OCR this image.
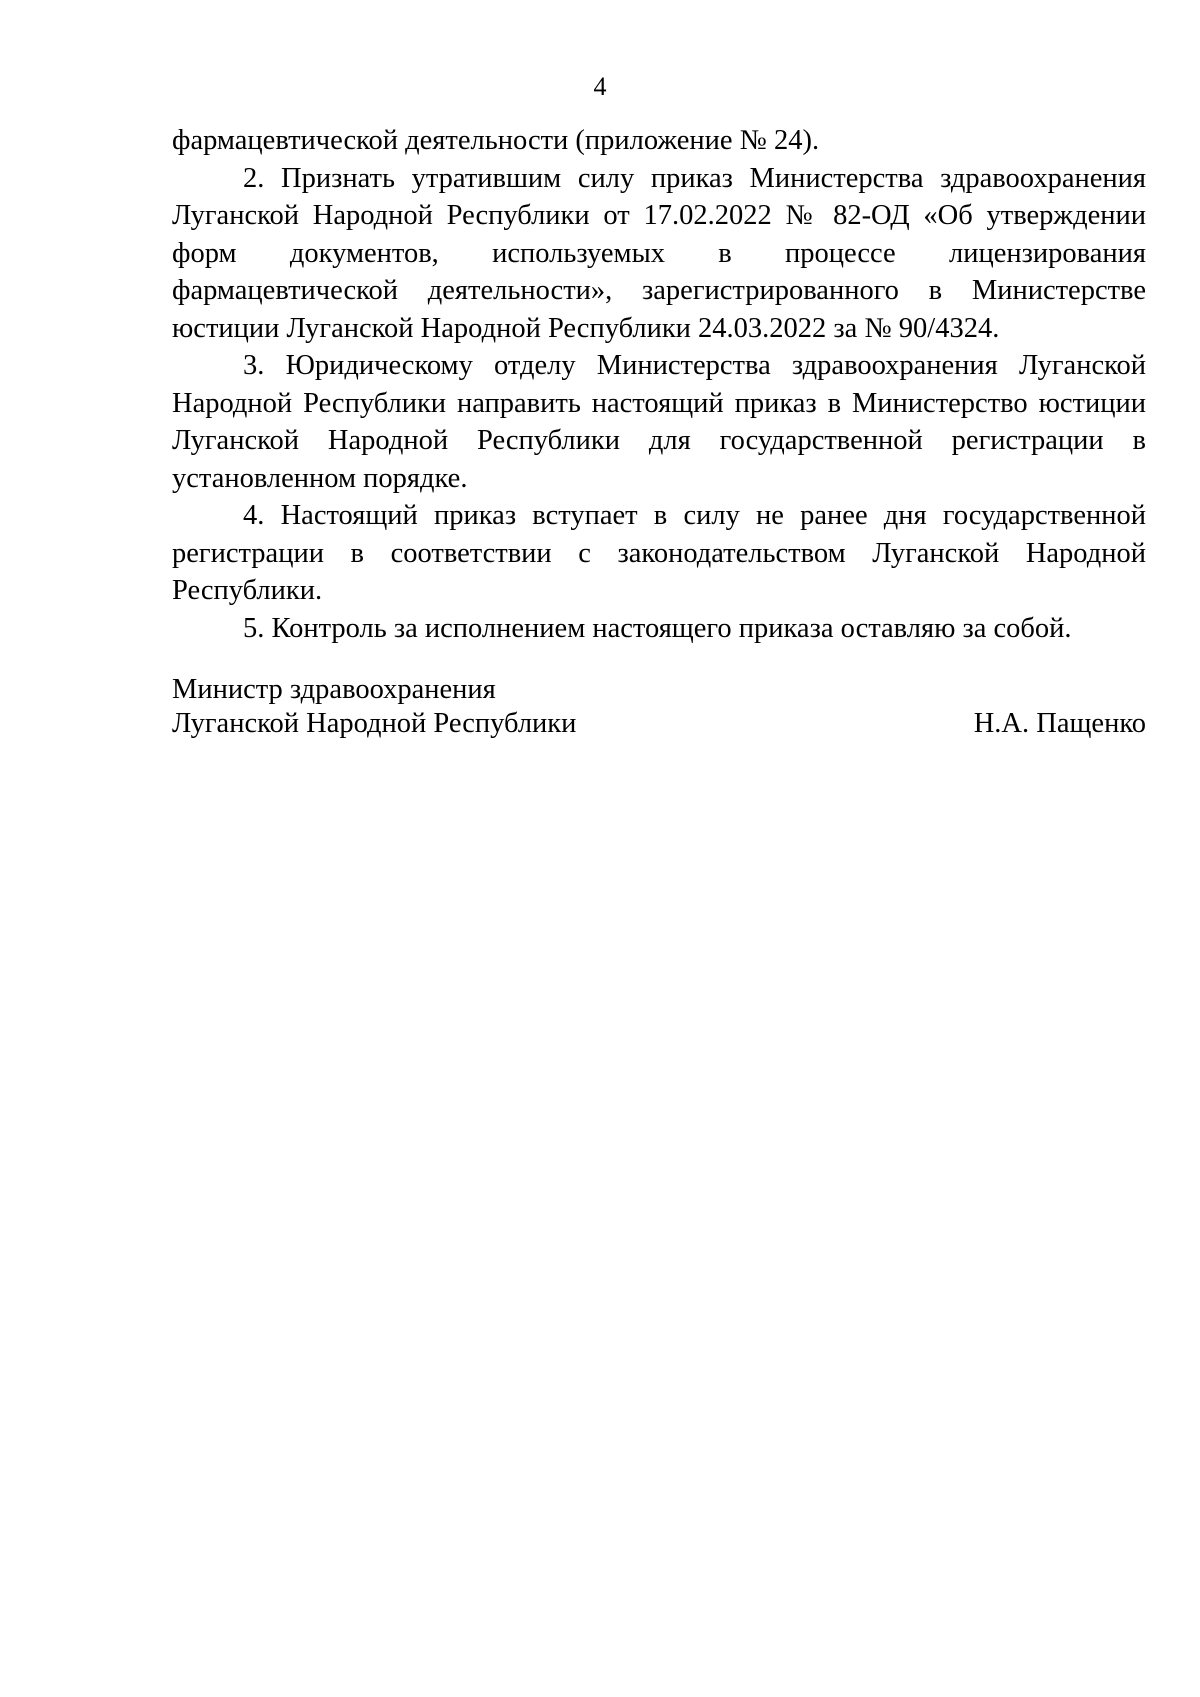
4

фармацевтической деятельности (приложение № 24).

2. Признать утратившим силу приказ Министерства здравоохранения Луганской Народной Республики от 17.02.2022 № 82-ОД «Об утверждении форм документов, используемых в процессе лицензирования фармацевтической деятельности», зарегистрированного в Министерстве юстиции Луганской Народной Республики 24.03.2022 за № 90/4324.

3. Юридическому отделу Министерства здравоохранения Луганской Народной Республики направить настоящий приказ в Министерство юстиции Луганской Народной Республики для государственной регистрации в установленном порядке.

4. Настоящий приказ вступает в силу не ранее дня государственной регистрации в соответствии с законодательством Луганской Народной Республики.

5. Контроль за исполнением настоящего приказа оставляю за собой.

Министр здравоохранения
Луганской Народной Республики	Н.А. Пащенко
